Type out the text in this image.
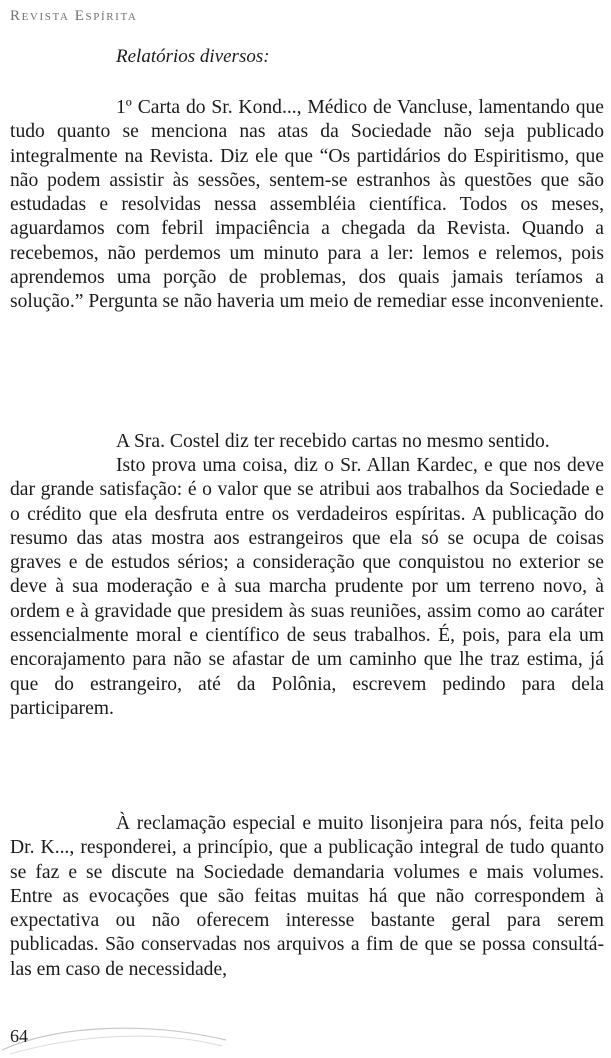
Revista Espírita
Relatórios diversos:

1º Carta do Sr. Kond..., Médico de Vancluse, lamentando que tudo quanto se menciona nas atas da Sociedade não seja publicado integralmente na Revista. Diz ele que “Os partidários do Espiritismo, que não podem assistir às sessões, sentem-se estranhos às questões que são estudadas e resolvidas nessa assembléia científica. Todos os meses, aguardamos com febril impaciência a chegada da Revista. Quando a recebemos, não perdemos um minuto para a ler: lemos e relemos, pois aprendemos uma porção de problemas, dos quais jamais teríamos a solução.” Pergunta se não haveria um meio de remediar esse inconveniente.

A Sra. Costel diz ter recebido cartas no mesmo sentido.

Isto prova uma coisa, diz o Sr. Allan Kardec, e que nos deve dar grande satisfação: é o valor que se atribui aos trabalhos da Sociedade e o crédito que ela desfruta entre os verdadeiros espíritas. A publicação do resumo das atas mostra aos estrangeiros que ela só se ocupa de coisas graves e de estudos sérios; a consideração que conquistou no exterior se deve à sua moderação e à sua marcha prudente por um terreno novo, à ordem e à gravidade que presidem às suas reuniões, assim como ao caráter essencialmente moral e científico de seus trabalhos. É, pois, para ela um encorajamento para não se afastar de um caminho que lhe traz estima, já que do estrangeiro, até da Polônia, escrevem pedindo para dela participarem.

À reclamação especial e muito lisonjeira para nós, feita pelo Dr. K..., responderei, a princípio, que a publicação integral de tudo quanto se faz e se discute na Sociedade demandaria volumes e mais volumes. Entre as evocações que são feitas muitas há que não correspondem à expectativa ou não oferecem interesse bastante geral para serem publicadas. São conservadas nos arquivos a fim de que se possa consultá-las em caso de necessidade,

64
